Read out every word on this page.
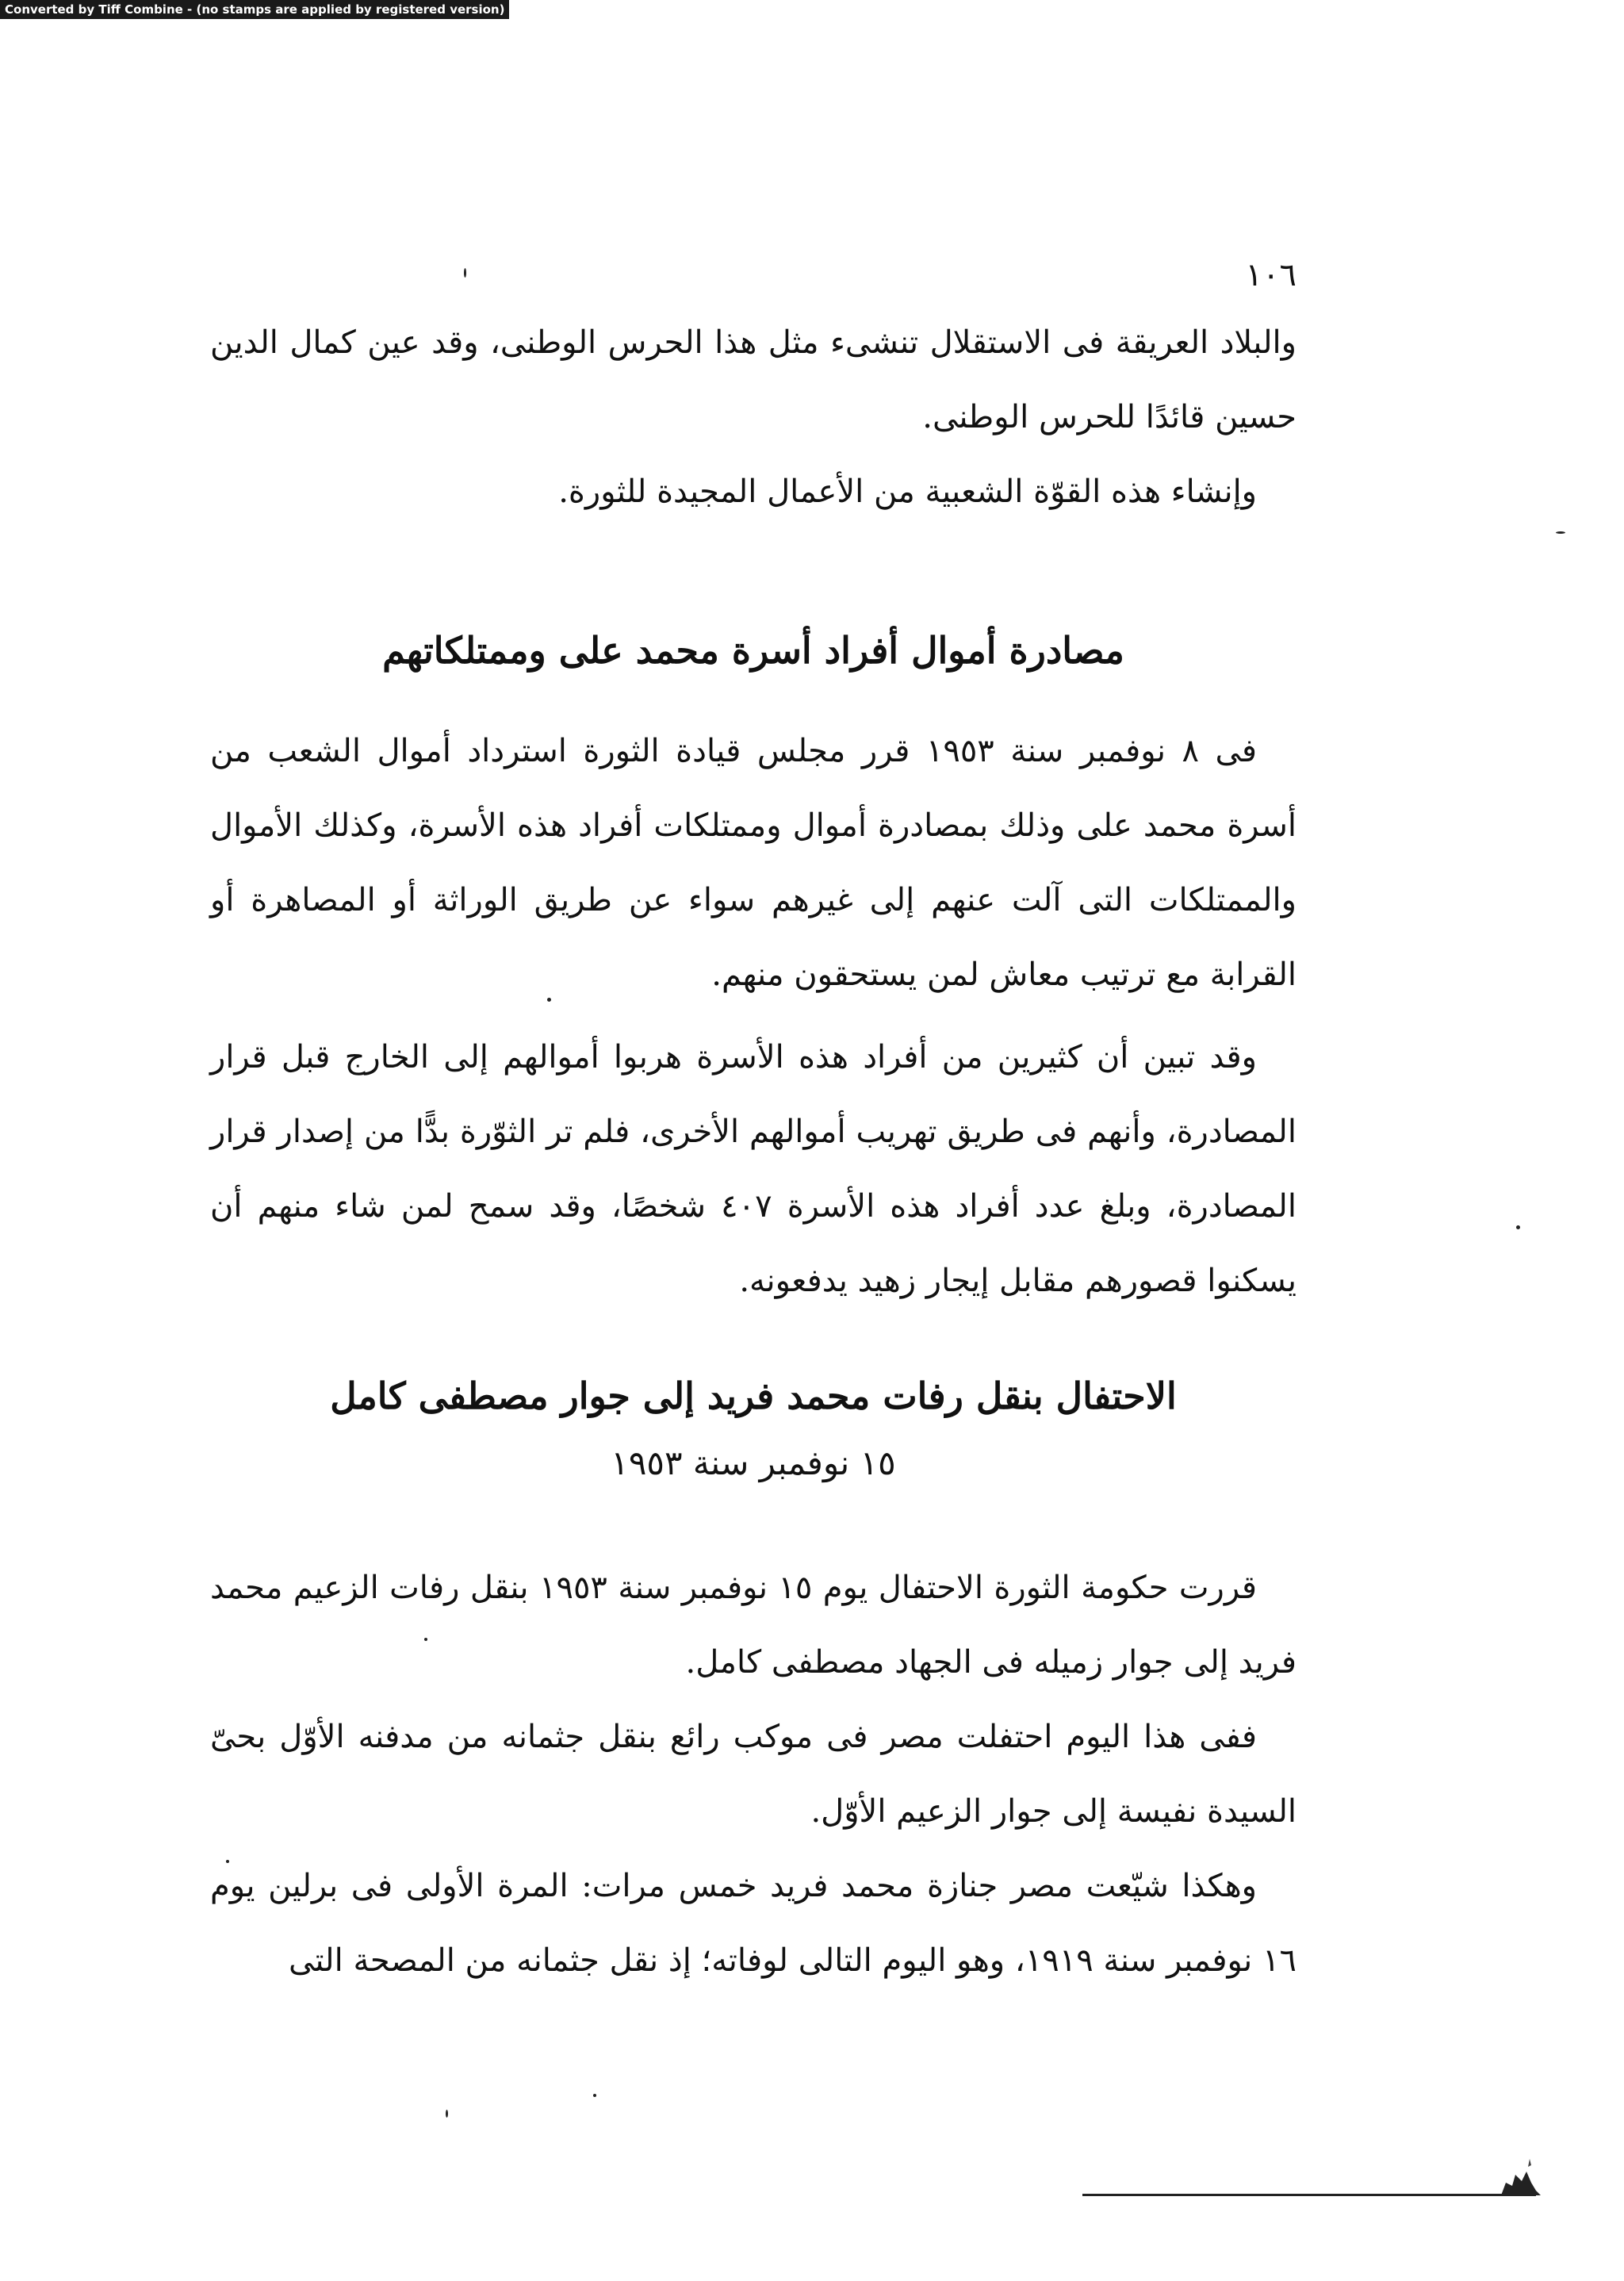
Converted by Tiff Combine - (no stamps are applied by registered version)
١٠٦

والبلاد العريقة فى الاستقلال تنشىء مثل هذا الحرس الوطنى، وقد عين كمال الدين حسين قائدًا للحرس الوطنى.

وإنشاء هذه القوّة الشعبية من الأعمال المجيدة للثورة.

مصادرة أموال أفراد أسرة محمد على وممتلكاتهم

فى ٨ نوفمبر سنة ١٩٥٣ قرر مجلس قيادة الثورة استرداد أموال الشعب من أسرة محمد على وذلك بمصادرة أموال وممتلكات أفراد هذه الأسرة، وكذلك الأموال والممتلكات التى آلت عنهم إلى غيرهم سواء عن طريق الوراثة أو المصاهرة أو القرابة مع ترتيب معاش لمن يستحقون منهم.

وقد تبين أن كثيرين من أفراد هذه الأسرة هربوا أموالهم إلى الخارج قبل قرار المصادرة، وأنهم فى طريق تهريب أموالهم الأخرى، فلم تر الثوّرة بدًّا من إصدار قرار المصادرة، وبلغ عدد أفراد هذه الأسرة ٤٠٧ شخصًا، وقد سمح لمن شاء منهم أن يسكنوا قصورهم مقابل إيجار زهيد يدفعونه.

الاحتفال بنقل رفات محمد فريد إلى جوار مصطفى كامل
١٥ نوفمبر سنة ١٩٥٣

قررت حكومة الثورة الاحتفال يوم ١٥ نوفمبر سنة ١٩٥٣ بنقل رفات الزعيم محمد فريد إلى جوار زميله فى الجهاد مصطفى كامل.

ففى هذا اليوم احتفلت مصر فى موكب رائع بنقل جثمانه من مدفنه الأوّل بحىّ السيدة نفيسة إلى جوار الزعيم الأوّل.

وهكذا شيّعت مصر جنازة محمد فريد خمس مرات: المرة الأولى فى برلين يوم ١٦ نوفمبر سنة ١٩١٩، وهو اليوم التالى لوفاته؛ إذ نقل جثمانه من المصحة التى
